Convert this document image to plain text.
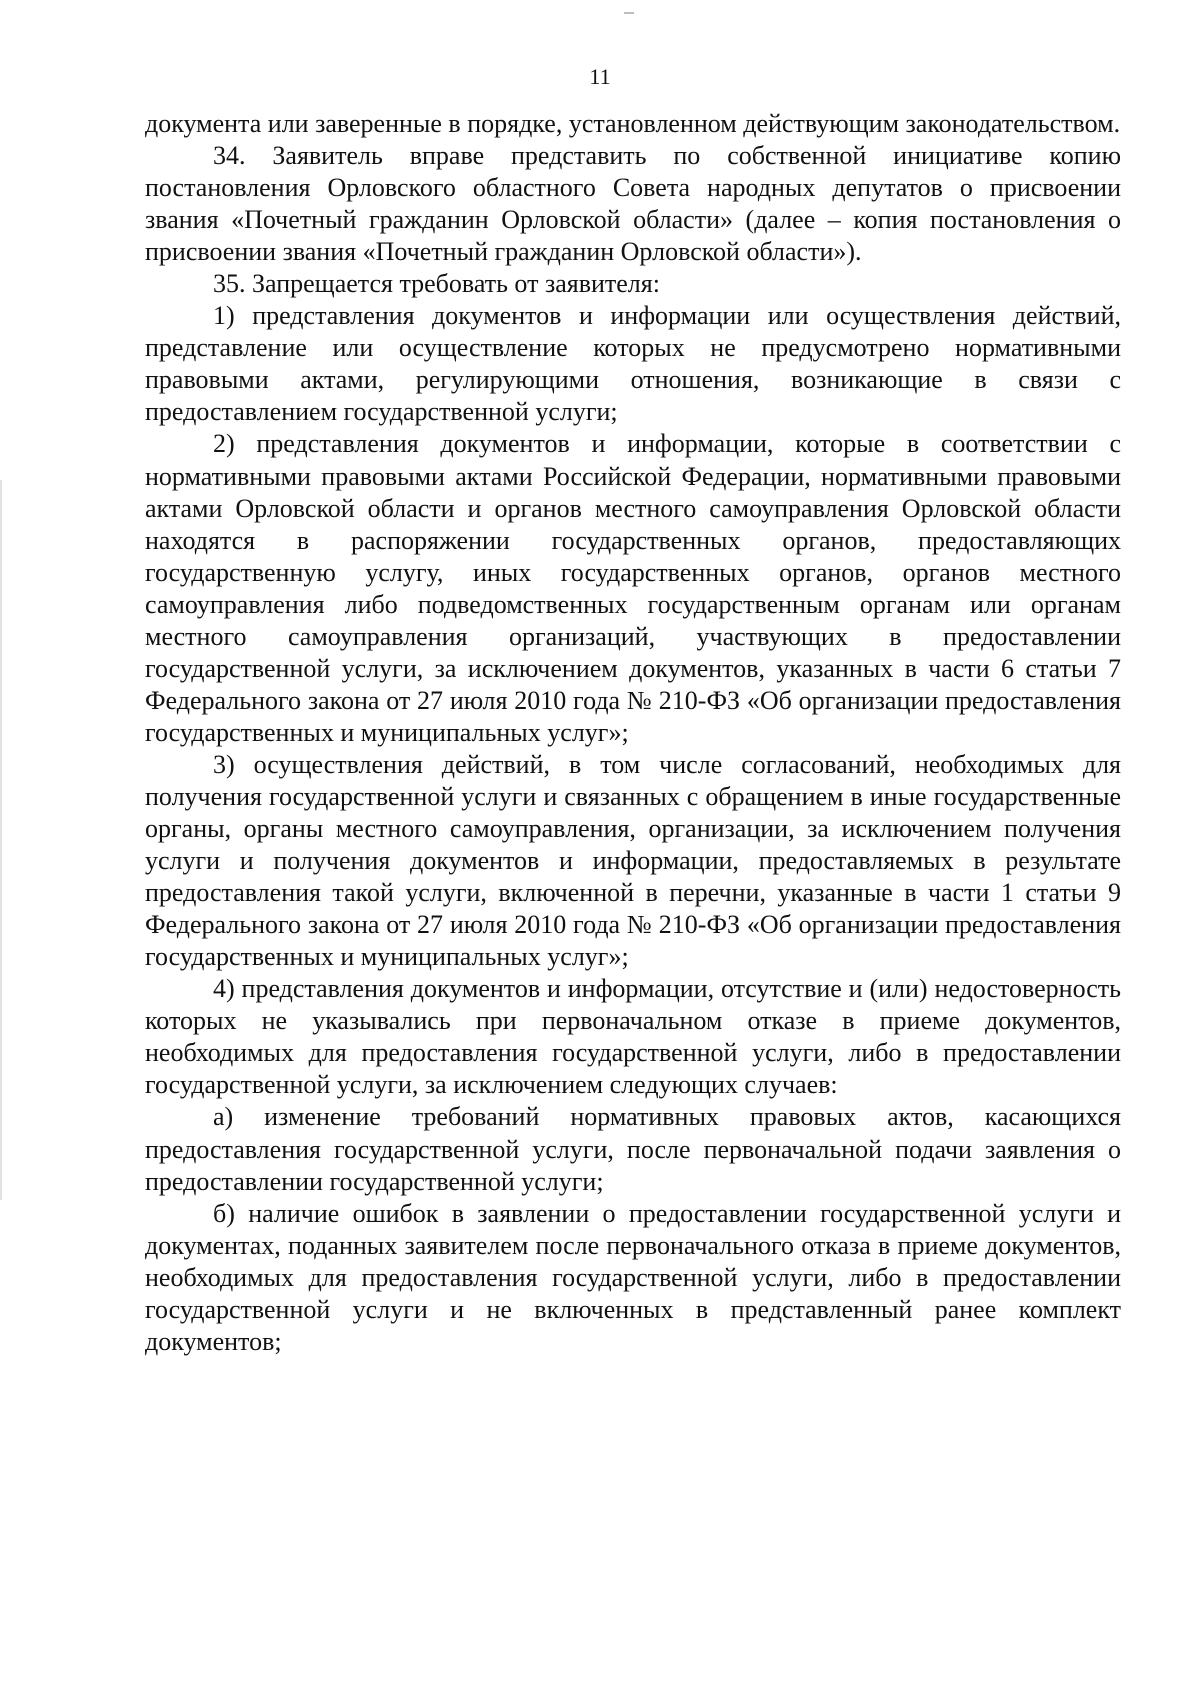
11

документа или заверенные в порядке, установленном действующим законодательством.

34. Заявитель вправе представить по собственной инициативе копию постановления Орловского областного Совета народных депутатов о присвоении звания «Почетный гражданин Орловской области» (далее – копия постановления о присвоении звания «Почетный гражданин Орловской области»).

35. Запрещается требовать от заявителя:

1) представления документов и информации или осуществления действий, представление или осуществление которых не предусмотрено нормативными правовыми актами, регулирующими отношения, возникающие в связи с предоставлением государственной услуги;

2) представления документов и информации, которые в соответствии с нормативными правовыми актами Российской Федерации, нормативными правовыми актами Орловской области и органов местного самоуправления Орловской области находятся в распоряжении государственных органов, предоставляющих государственную услугу, иных государственных органов, органов местного самоуправления либо подведомственных государственным органам или органам местного самоуправления организаций, участвующих в предоставлении государственной услуги, за исключением документов, указанных в части 6 статьи 7 Федерального закона от 27 июля 2010 года № 210-ФЗ «Об организации предоставления государственных и муниципальных услуг»;

3) осуществления действий, в том числе согласований, необходимых для получения государственной услуги и связанных с обращением в иные государственные органы, органы местного самоуправления, организации, за исключением получения услуги и получения документов и информации, предоставляемых в результате предоставления такой услуги, включенной в перечни, указанные в части 1 статьи 9 Федерального закона от 27 июля 2010 года № 210-ФЗ «Об организации предоставления государственных и муниципальных услуг»;

4) представления документов и информации, отсутствие и (или) недостоверность которых не указывались при первоначальном отказе в приеме документов, необходимых для предоставления государственной услуги, либо в предоставлении государственной услуги, за исключением следующих случаев:

а) изменение требований нормативных правовых актов, касающихся предоставления государственной услуги, после первоначальной подачи заявления о предоставлении государственной услуги;

б) наличие ошибок в заявлении о предоставлении государственной услуги и документах, поданных заявителем после первоначального отказа в приеме документов, необходимых для предоставления государственной услуги, либо в предоставлении государственной услуги и не включенных в представленный ранее комплект документов;
